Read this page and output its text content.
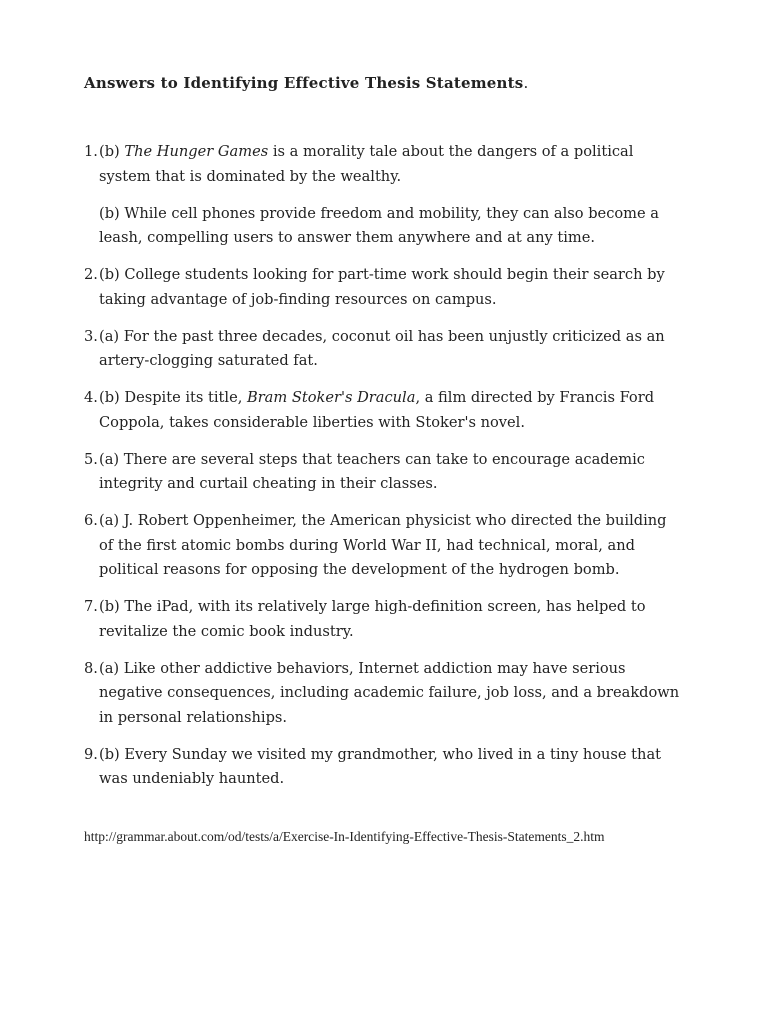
Answers to Identifying Effective Thesis Statements.
1. (b) The Hunger Games is a morality tale about the dangers of a political system that is dominated by the wealthy.

(b) While cell phones provide freedom and mobility, they can also become a leash, compelling users to answer them anywhere and at any time.

2. (b) College students looking for part-time work should begin their search by taking advantage of job-finding resources on campus.

3. (a) For the past three decades, coconut oil has been unjustly criticized as an artery-clogging saturated fat.

4. (b) Despite its title, Bram Stoker's Dracula, a film directed by Francis Ford Coppola, takes considerable liberties with Stoker's novel.

5. (a) There are several steps that teachers can take to encourage academic integrity and curtail cheating in their classes.

6. (a) J. Robert Oppenheimer, the American physicist who directed the building of the first atomic bombs during World War II, had technical, moral, and political reasons for opposing the development of the hydrogen bomb.

7. (b) The iPad, with its relatively large high-definition screen, has helped to revitalize the comic book industry.

8. (a) Like other addictive behaviors, Internet addiction may have serious negative consequences, including academic failure, job loss, and a breakdown in personal relationships.

9. (b) Every Sunday we visited my grandmother, who lived in a tiny house that was undeniably haunted.

http://grammar.about.com/od/tests/a/Exercise-In-Identifying-Effective-Thesis-Statements_2.htm
